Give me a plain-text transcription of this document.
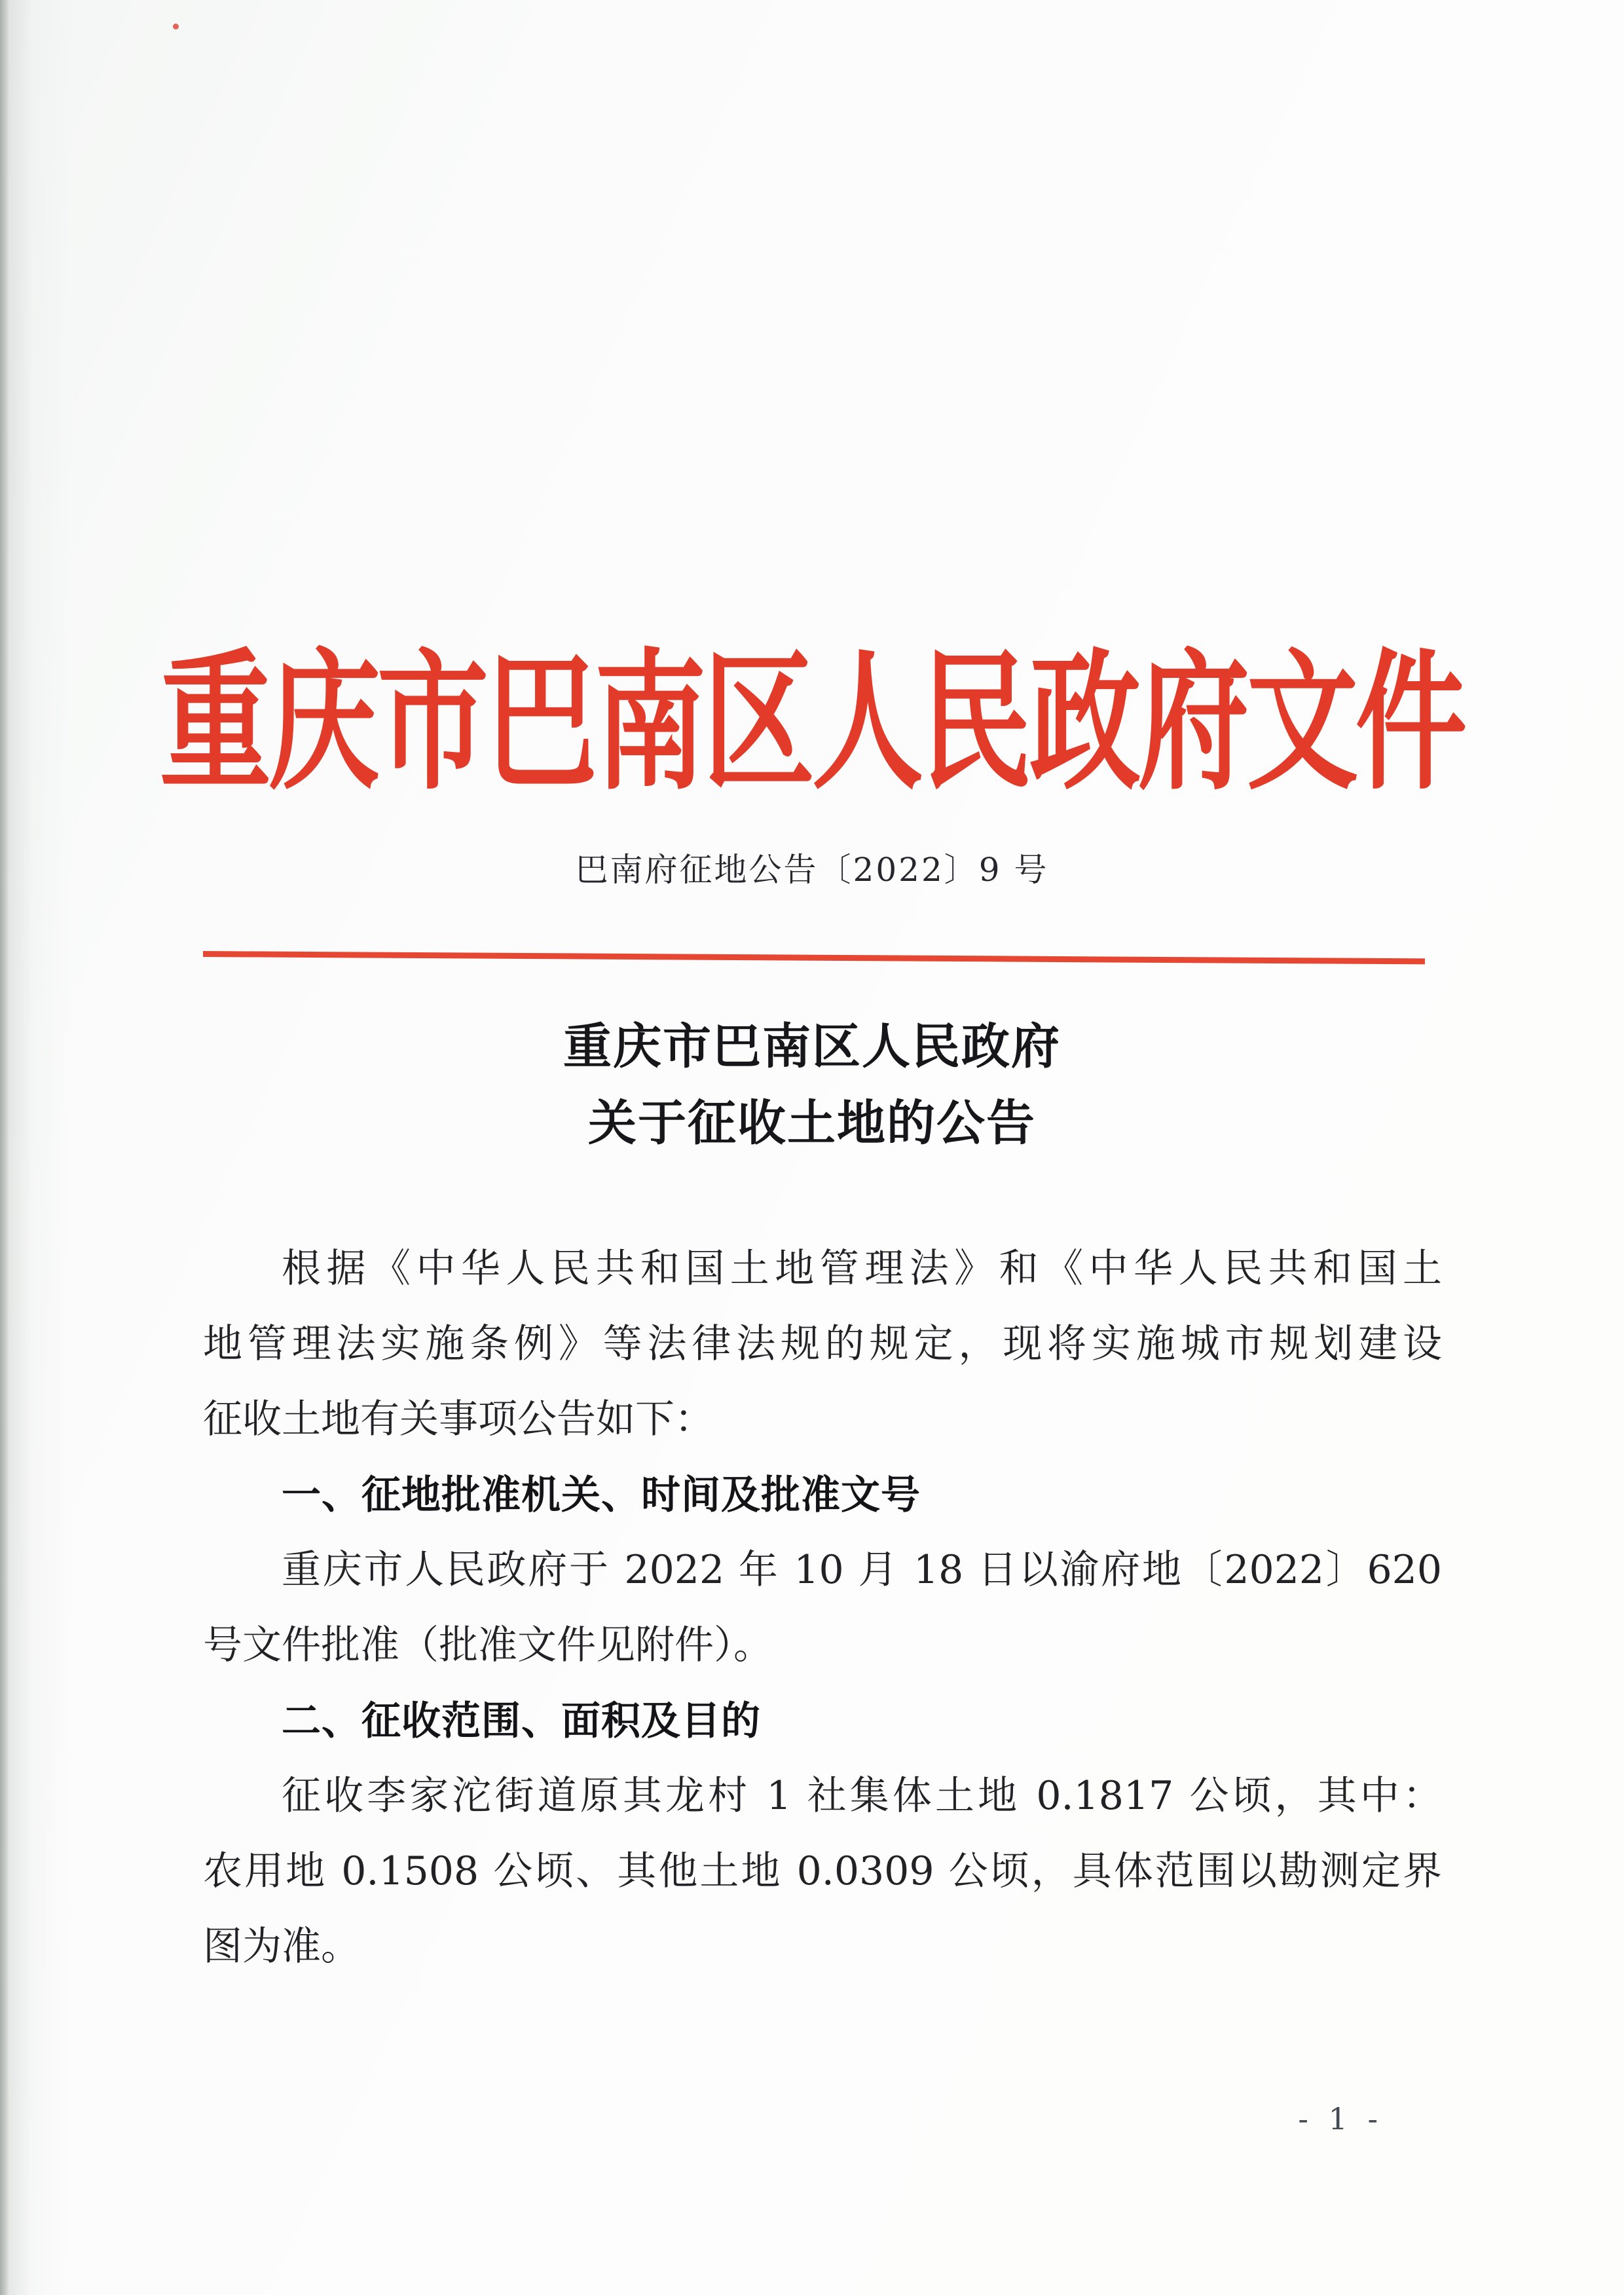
重庆市巴南区人民政府文件
巴南府征地公告〔2022〕9 号
重庆市巴南区人民政府
关于征收土地的公告
根据《中华人民共和国土地管理法》和《中华人民共和国土
地管理法实施条例》等法律法规的规定，现将实施城市规划建设
征收土地有关事项公告如下：
一、征地批准机关、时间及批准文号
重庆市人民政府于 2022 年 10 月 18 日以渝府地〔2022〕620
号文件批准（批准文件见附件）。
二、征收范围、面积及目的
征收李家沱街道原其龙村 1 社集体土地 0.1817 公顷，其中：
农用地 0.1508 公顷、其他土地 0.0309 公顷，具体范围以勘测定界
图为准。
- 1 -
